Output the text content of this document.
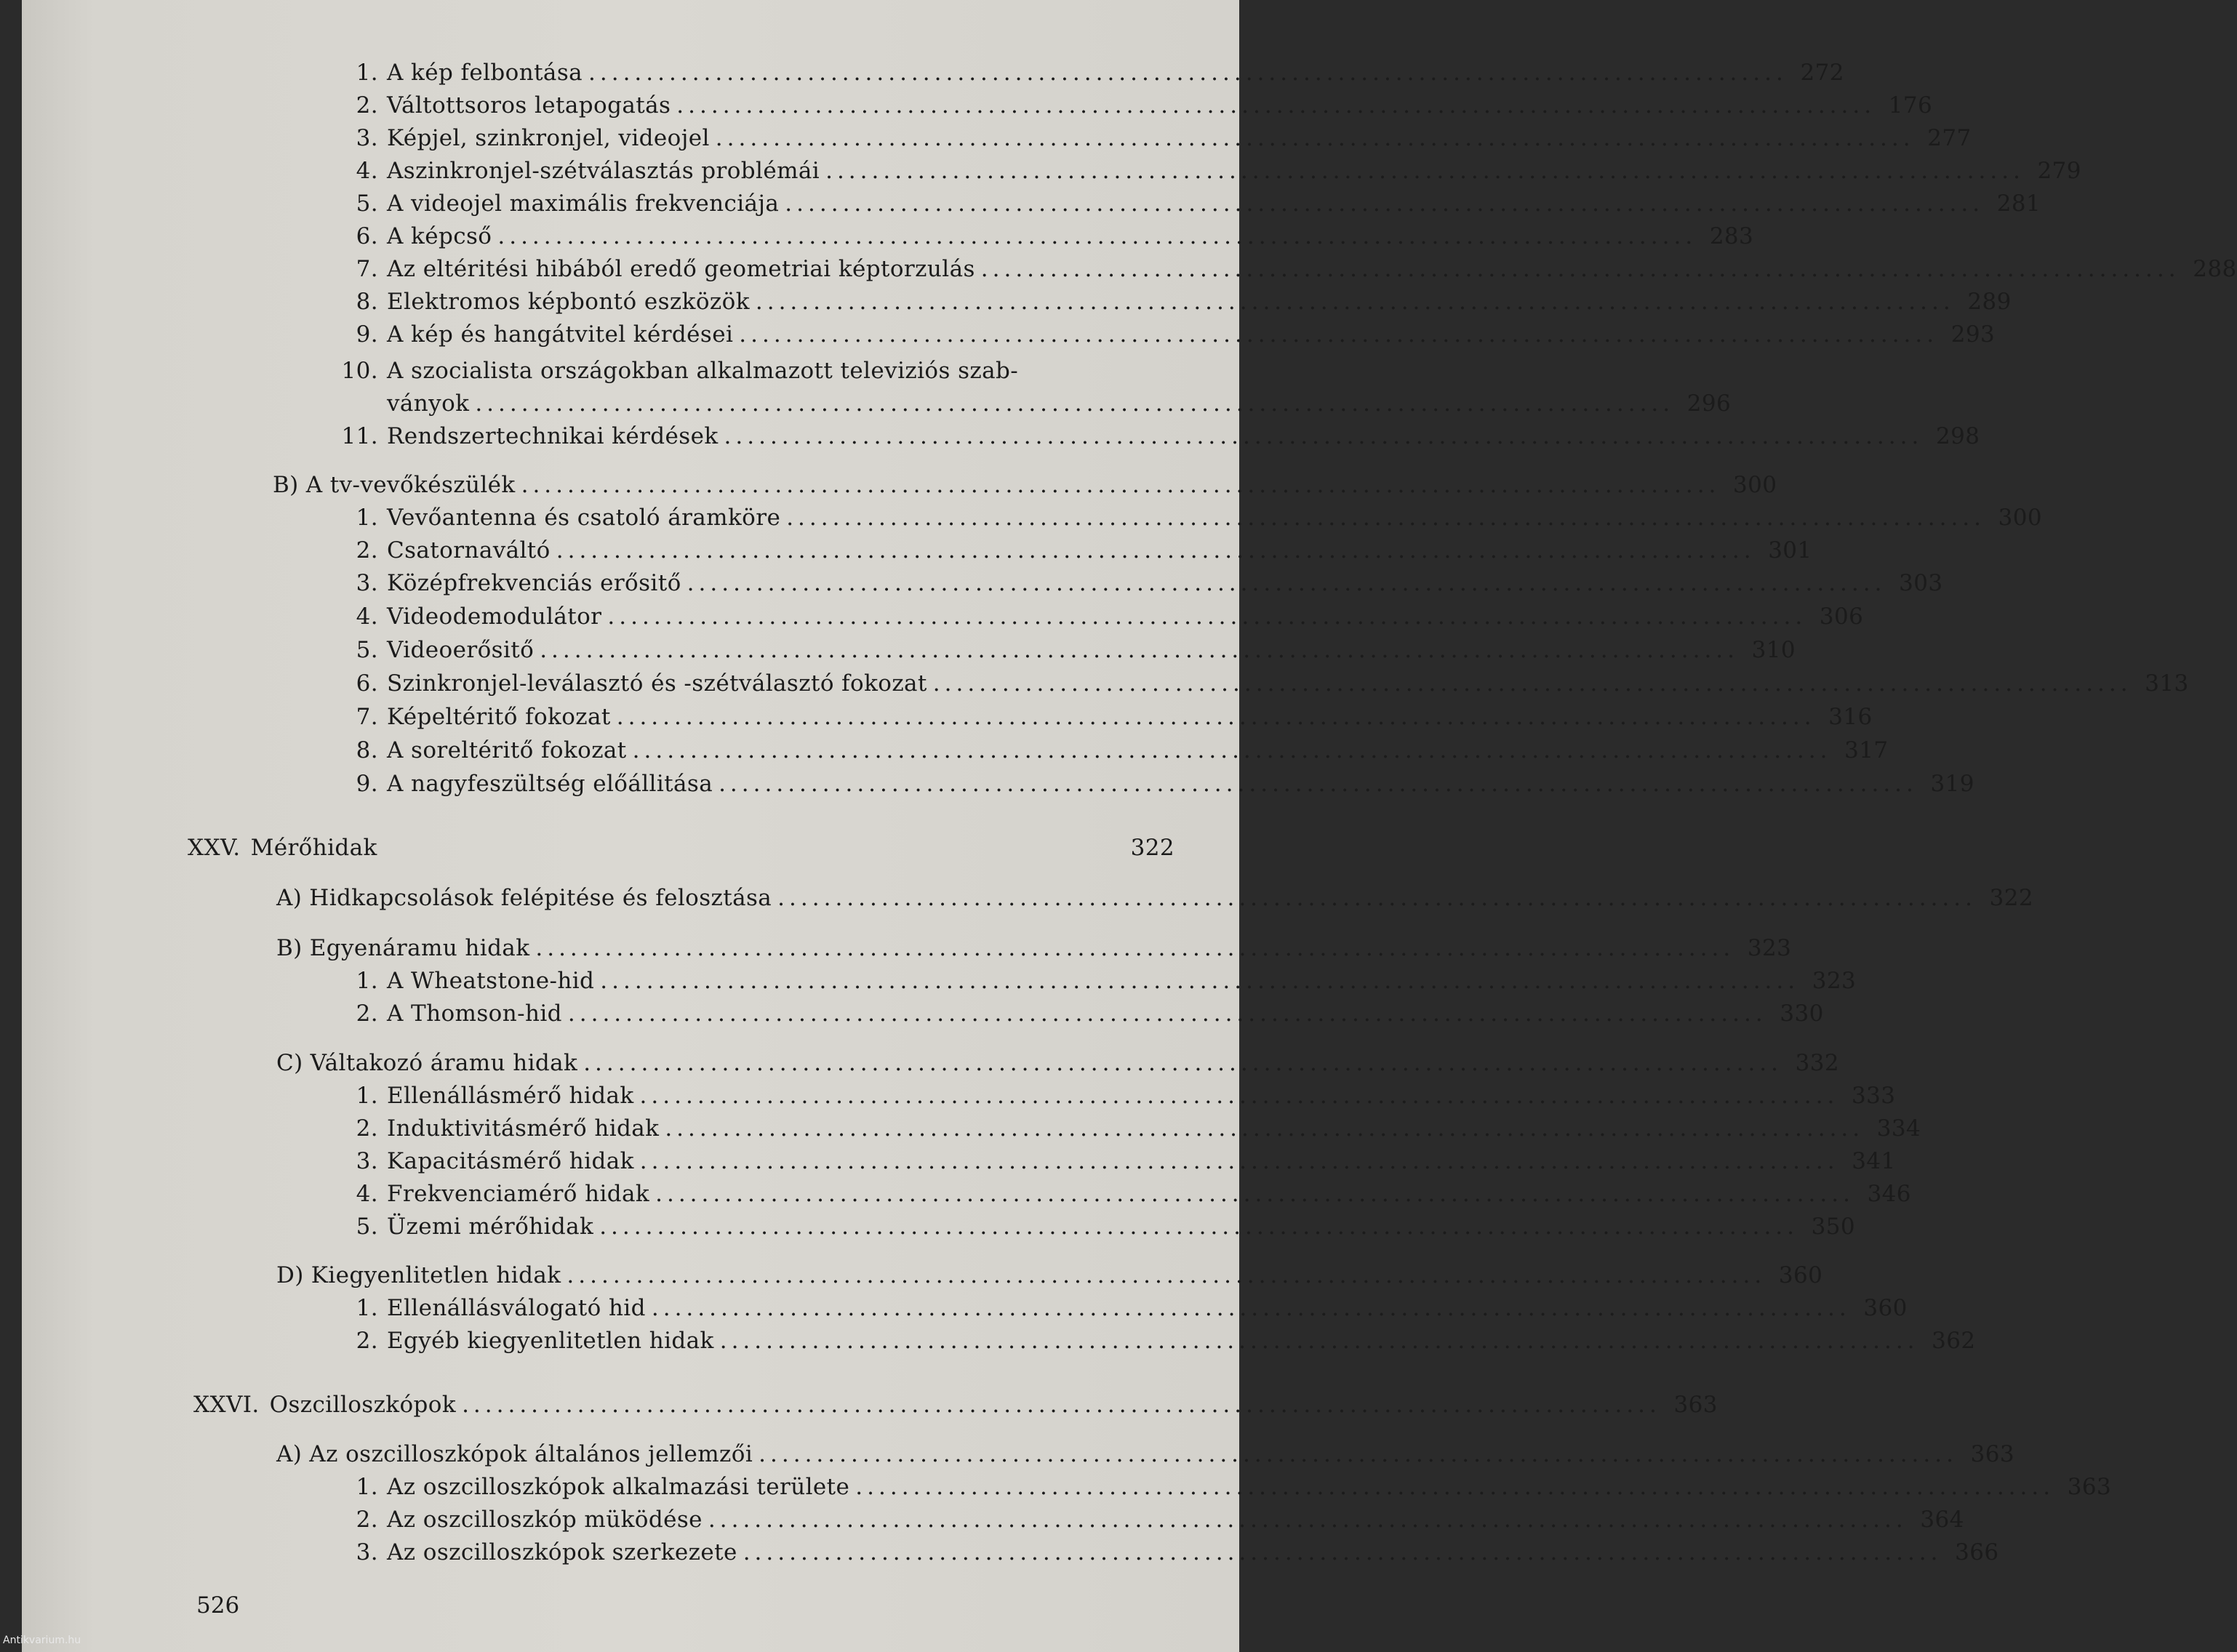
1. A kép felbontása ........................................................................................................ 272
2. Váltottsoros letapogatás ........................................................................................................ 176
3. Képjel, szinkronjel, videojel ........................................................................................................ 277
4. Aszinkronjel-szétválasztás problémái ........................................................................................................ 279
5. A videojel maximális frekvenciája ........................................................................................................ 281
6. A képcső ........................................................................................................ 283
7. Az eltéritési hibából eredő geometriai képtorzulás ........................................................................................................ 288
8. Elektromos képbontó eszközök ........................................................................................................ 289
9. A kép és hangátvitel kérdései ........................................................................................................ 293
10. A szocialista országokban alkalmazott televiziós szab-
ványok ........................................................................................................ 296
11. Rendszertechnikai kérdések ........................................................................................................ 298
B) A tv-vevőkészülék ........................................................................................................ 300
1. Vevőantenna és csatoló áramköre ........................................................................................................ 300
2. Csatornaváltó ........................................................................................................ 301
3. Középfrekvenciás erősitő ........................................................................................................ 303
4. Videodemodulátor ........................................................................................................ 306
5. Videoerősitő ........................................................................................................ 310
6. Szinkronjel-leválasztó és -szétválasztó fokozat ........................................................................................................ 313
7. Képeltéritő fokozat ........................................................................................................ 316
8. A soreltéritő fokozat ........................................................................................................ 317
9. A nagyfeszültség előállitása ........................................................................................................ 319
XXV. Mérőhidak	322
A) Hidkapcsolások felépitése és felosztása ........................................................................................................ 322
B) Egyenáramu hidak ........................................................................................................ 323
1. A Wheatstone-hid ........................................................................................................ 323
2. A Thomson-hid ........................................................................................................ 330
C) Váltakozó áramu hidak ........................................................................................................ 332
1. Ellenállásmérő hidak ........................................................................................................ 333
2. Induktivitásmérő hidak ........................................................................................................ 334
3. Kapacitásmérő hidak ........................................................................................................ 341
4. Frekvenciamérő hidak ........................................................................................................ 346
5. Üzemi mérőhidak ........................................................................................................ 350
D) Kiegyenlitetlen hidak ........................................................................................................ 360
1. Ellenállásválogató hid ........................................................................................................ 360
2. Egyéb kiegyenlitetlen hidak ........................................................................................................ 362
XXVI. Oszcilloszkópok ........................................................................................................ 363
A) Az oszcilloszkópok általános jellemzői ........................................................................................................ 363
1. Az oszcilloszkópok alkalmazási területe ........................................................................................................ 363
2. Az oszcilloszkóp müködése ........................................................................................................ 364
3. Az oszcilloszkópok szerkezete ........................................................................................................ 366
526
Antikvarium.hu
